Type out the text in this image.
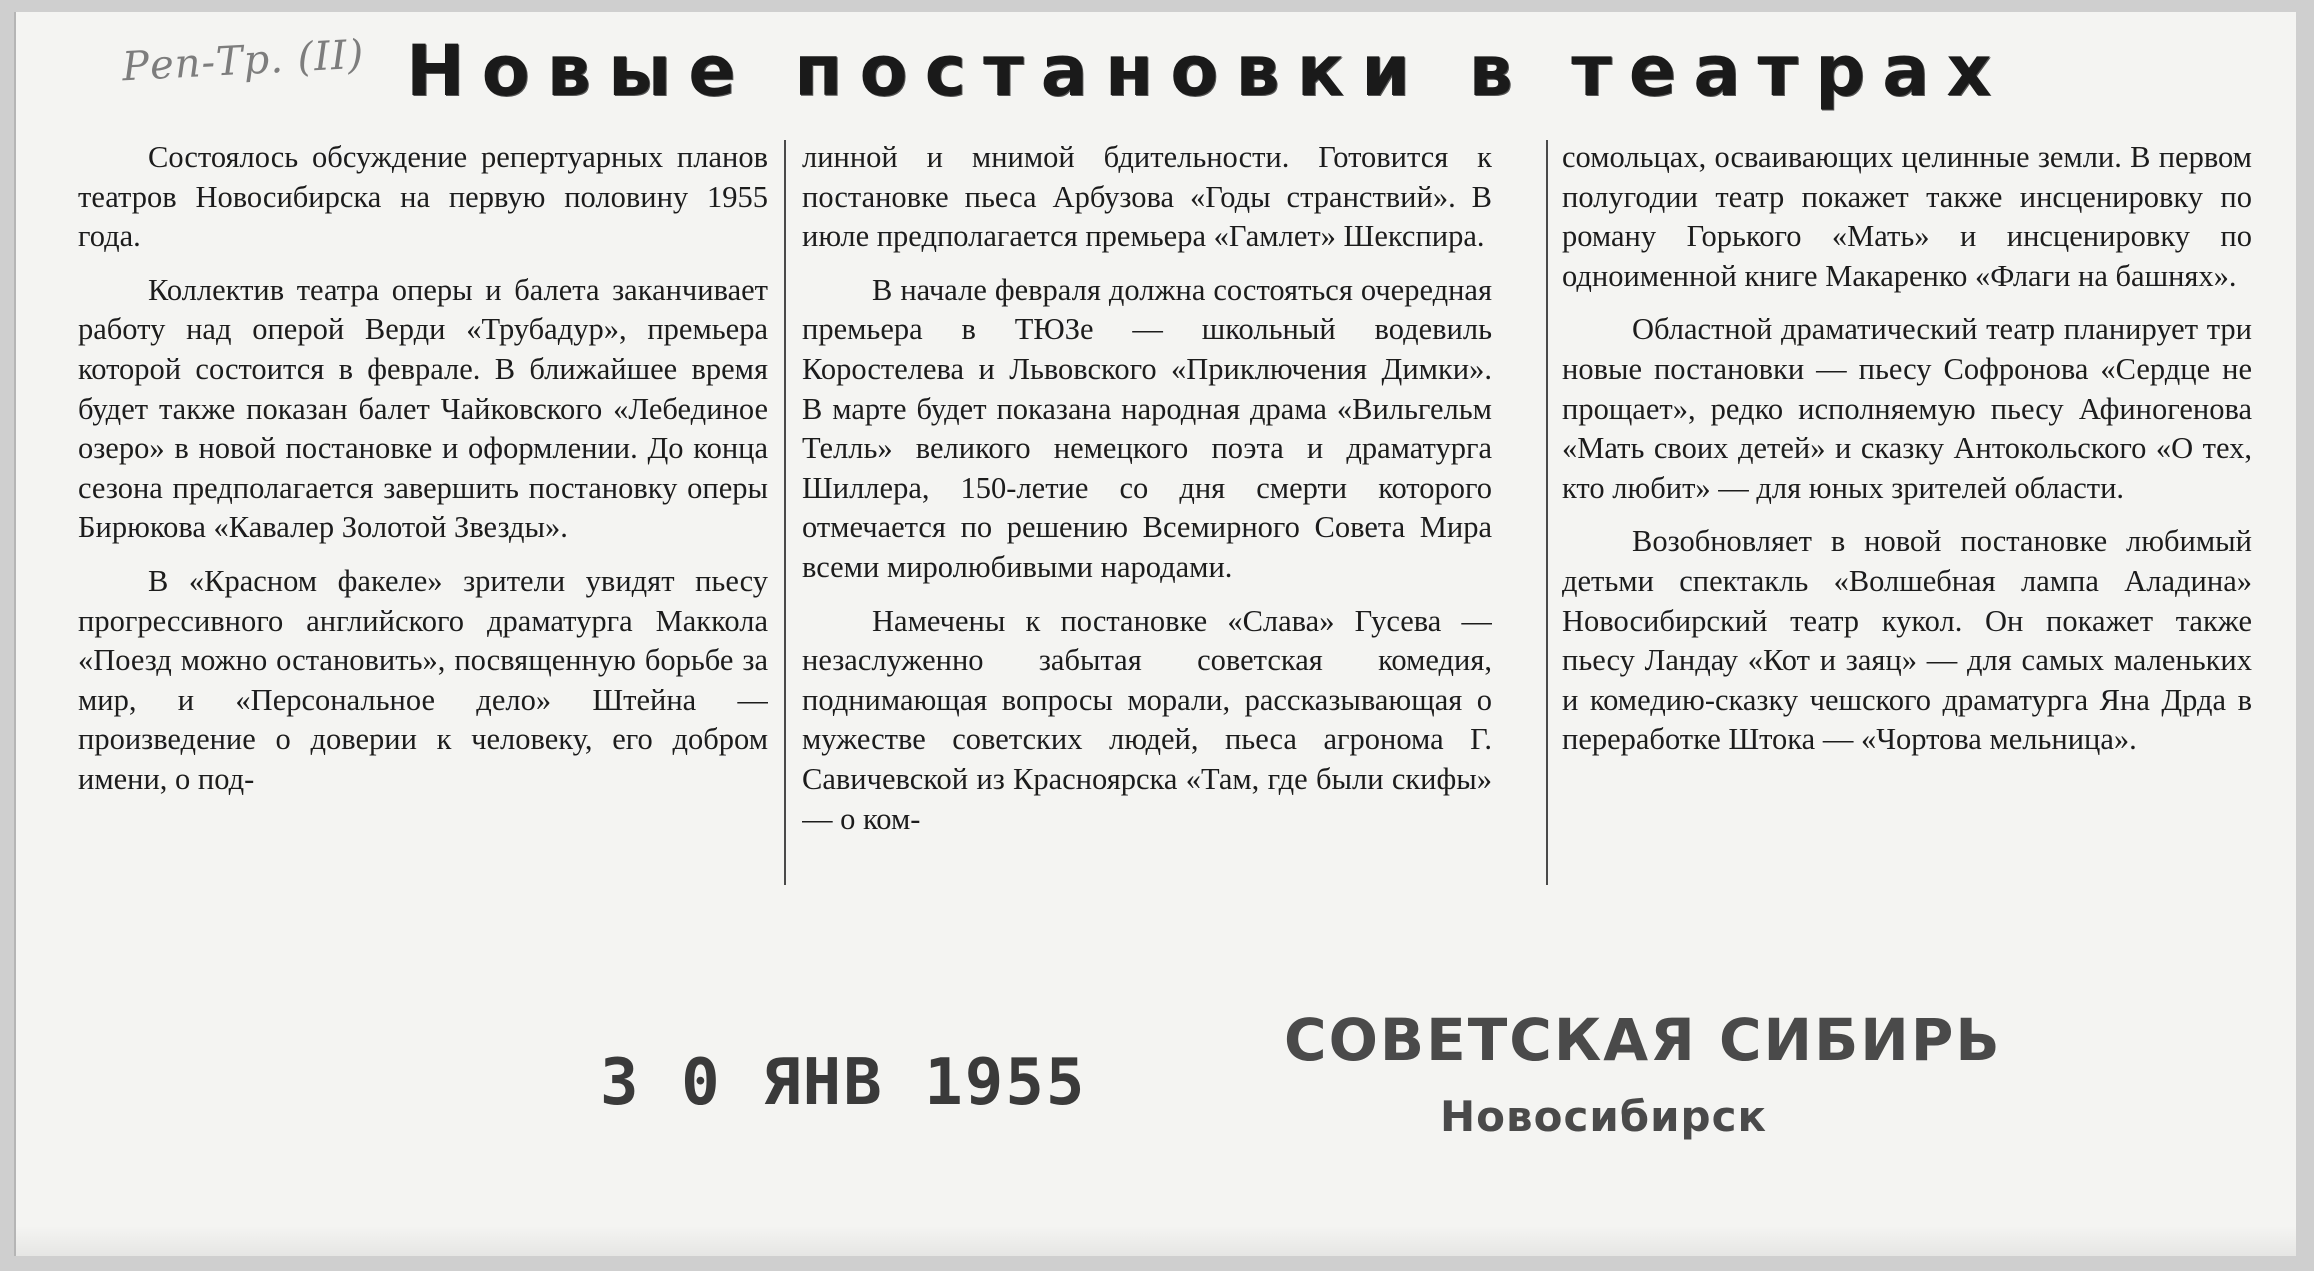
Реп-Тр. (II) Новые постановки в театрах

Состоялось обсуждение репертуарных планов театров Новосибирска на первую половину 1955 года.

Коллектив театра оперы и балета заканчивает работу над оперой Верди «Трубадур», премьера которой состоится в феврале. В ближайшее время будет также показан балет Чайковского «Лебединое озеро» в новой постановке и оформлении. До конца сезона предполагается завершить постановку оперы Бирюкова «Кавалер Золотой Звезды».

В «Красном факеле» зрители увидят пьесу прогрессивного английского драматурга Маккола «Поезд можно остановить», посвященную борьбе за мир, и «Персональное дело» Штейна — произведение о доверии к человеку, его добром имени, о под-

линной и мнимой бдительности. Готовится к постановке пьеса Арбузова «Годы странствий». В июле предполагается премьера «Гамлет» Шекспира.

В начале февраля должна состояться очередная премьера в ТЮЗе — школьный водевиль Коростелева и Львовского «Приключения Димки». В марте будет показана народная драма «Вильгельм Телль» великого немецкого поэта и драматурга Шиллера, 150-летие со дня смерти которого отмечается по решению Всемирного Совета Мира всеми миролюбивыми народами.

Намечены к постановке «Слава» Гусева — незаслуженно забытая советская комедия, поднимающая вопросы морали, рассказывающая о мужестве советских людей, пьеса агронома Г. Савичевской из Красноярска «Там, где были скифы» — о ком-

сомольцах, осваивающих целинные земли. В первом полугодии театр покажет также инсценировку по роману Горького «Мать» и инсценировку по одноименной книге Макаренко «Флаги на башнях».

Областной драматический театр планирует три новые постановки — пьесу Софронова «Сердце не прощает», редко исполняемую пьесу Афиногенова «Мать своих детей» и сказку Антокольского «О тех, кто любит» — для юных зрителей области.

Возобновляет в новой постановке любимый детьми спектакль «Волшебная лампа Аладина» Новосибирский театр кукол. Он покажет также пьесу Ландау «Кот и заяц» — для самых маленьких и комедию-сказку чешского драматурга Яна Дрда в переработке Штока — «Чортова мельница».

3 0 ЯНВ 1955
СОВЕТСКАЯ СИБИРЬ
Новосибирск
